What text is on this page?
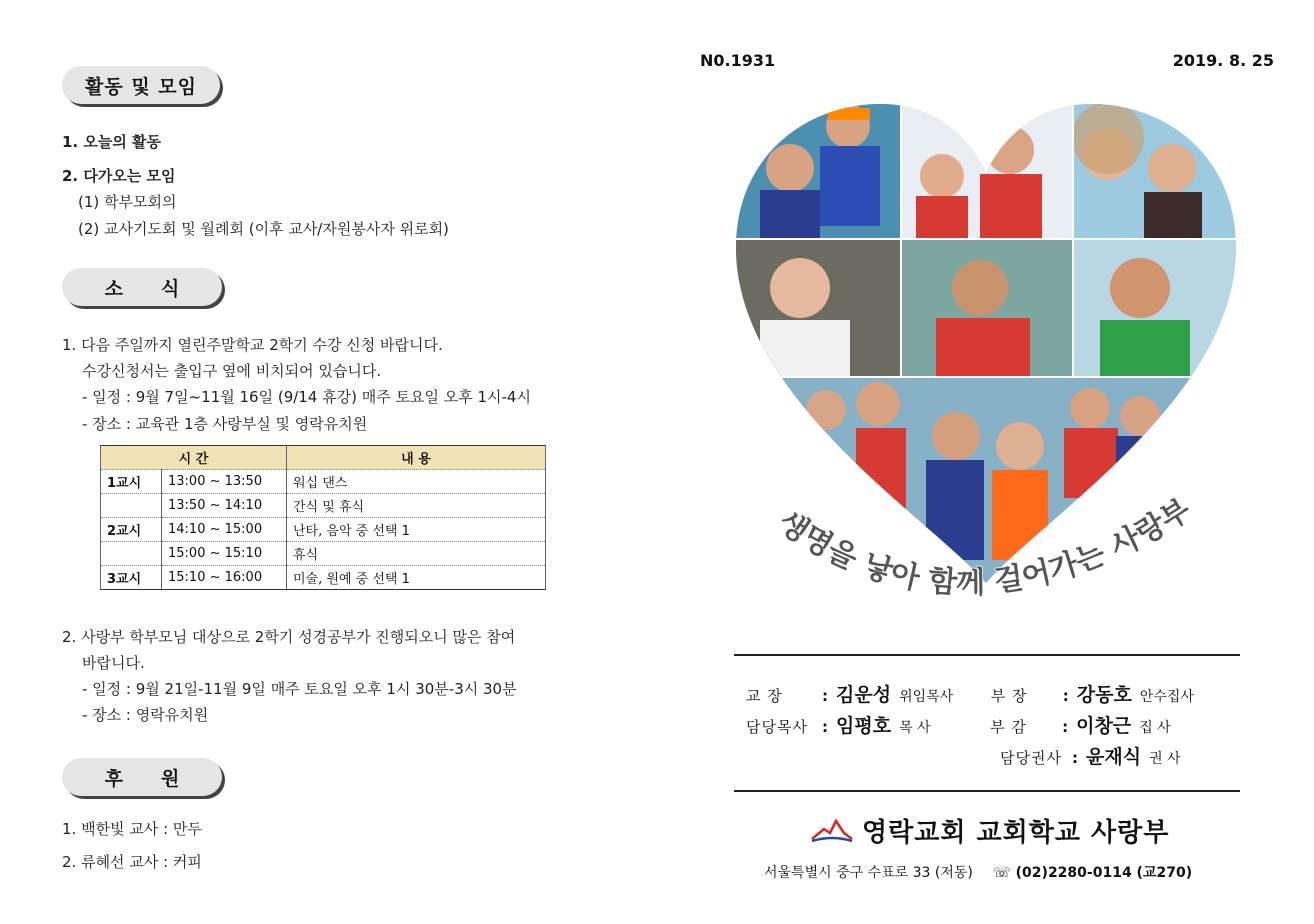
활동 및 모임
1. 오늘의 활동
2. 다가오는 모임
(1) 학부모회의
(2) 교사기도회 및 월례회 (이후 교사/자원봉사자 위로회)
소식
1. 다음 주일까지 열린주말학교 2학기 수강 신청 바랍니다.
수강신청서는 출입구 옆에 비치되어 있습니다.
- 일정 : 9월 7일~11월 16일 (9/14 휴강) 매주 토요일 오후 1시-4시
- 장소 : 교육관 1층 사랑부실 및 영락유치원
시 간		내 용
1교시	13:00 ~ 13:50	워십 댄스
	13:50 ~ 14:10	간식 및 휴식
2교시	14:10 ~ 15:00	난타, 음악 중 선택 1
	15:00 ~ 15:10	휴식
3교시	15:10 ~ 16:00	미술, 원예 중 선택 1
2. 사랑부 학부모님 대상으로 2학기 성경공부가 진행되오니 많은 참여
바랍니다.
- 일정 : 9월 21일-11월 9일 매주 토요일 오후 1시 30분-3시 30분
- 장소 : 영락유치원
후원
1. 백한빛 교사 : 만두
2. 류혜선 교사 : 커피
N0.1931	2019. 8. 25
생명을 낳아 함께 걸어가는 사랑부
교 장	: 김운성 위임목사	부 장 : 강동호 안수집사
담당목사 : 임평호 목 사	부 감 : 이창근 집 사
담당권사 : 윤재식 권 사
영락교회 교회학교 사랑부
서울특별시 중구 수표로 33 (저동) ☏ (02)2280-0114 (교270)
